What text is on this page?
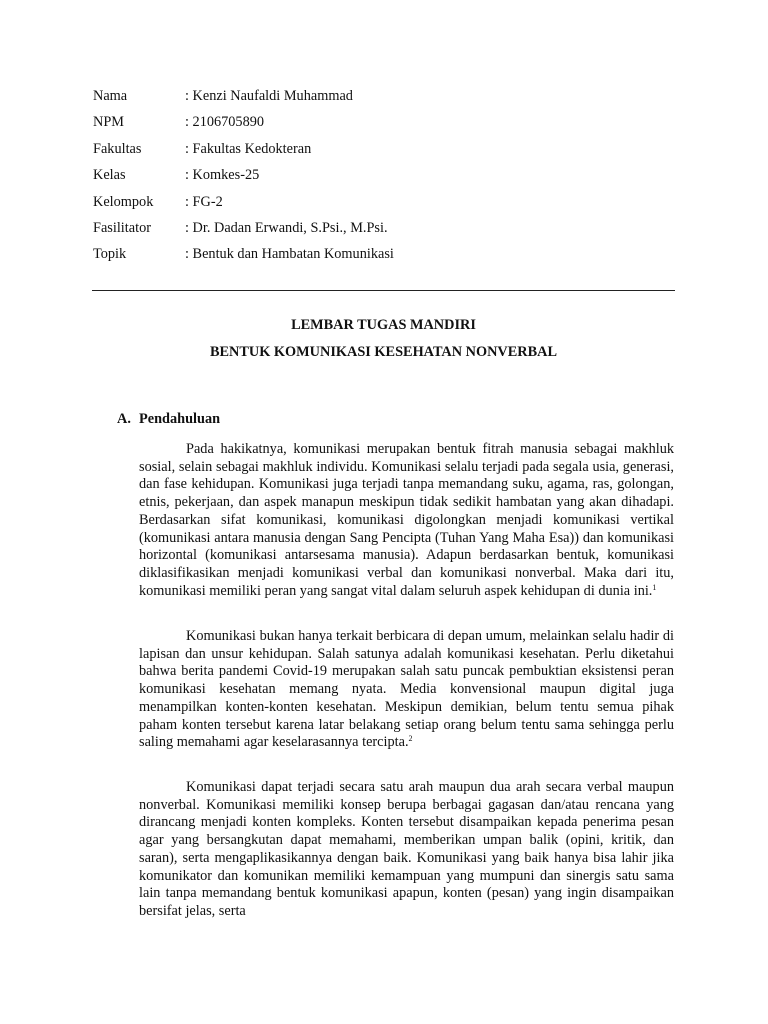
Nama	: Kenzi Naufaldi Muhammad
NPM	: 2106705890
Fakultas	: Fakultas Kedokteran
Kelas	: Komkes-25
Kelompok	: FG-2
Fasilitator	: Dr. Dadan Erwandi, S.Psi., M.Psi.
Topik	: Bentuk dan Hambatan Komunikasi
LEMBAR TUGAS MANDIRI
BENTUK KOMUNIKASI KESEHATAN NONVERBAL
A. Pendahuluan

Pada hakikatnya, komunikasi merupakan bentuk fitrah manusia sebagai makhluk sosial, selain sebagai makhluk individu. Komunikasi selalu terjadi pada segala usia, generasi, dan fase kehidupan. Komunikasi juga terjadi tanpa memandang suku, agama, ras, golongan, etnis, pekerjaan, dan aspek manapun meskipun tidak sedikit hambatan yang akan dihadapi. Berdasarkan sifat komunikasi, komunikasi digolongkan menjadi komunikasi vertikal (komunikasi antara manusia dengan Sang Pencipta (Tuhan Yang Maha Esa)) dan komunikasi horizontal (komunikasi antarsesama manusia). Adapun berdasarkan bentuk, komunikasi diklasifikasikan menjadi komunikasi verbal dan komunikasi nonverbal. Maka dari itu, komunikasi memiliki peran yang sangat vital dalam seluruh aspek kehidupan di dunia ini.$^1$

Komunikasi bukan hanya terkait berbicara di depan umum, melainkan selalu hadir di lapisan dan unsur kehidupan. Salah satunya adalah komunikasi kesehatan. Perlu diketahui bahwa berita pandemi Covid-19 merupakan salah satu puncak pembuktian eksistensi peran komunikasi kesehatan memang nyata. Media konvensional maupun digital juga menampilkan konten-konten kesehatan. Meskipun demikian, belum tentu semua pihak paham konten tersebut karena latar belakang setiap orang belum tentu sama sehingga perlu saling memahami agar keselarasannya tercipta.$^2$

Komunikasi dapat terjadi secara satu arah maupun dua arah secara verbal maupun nonverbal. Komunikasi memiliki konsep berupa berbagai gagasan dan/atau rencana yang dirancang menjadi konten kompleks. Konten tersebut disampaikan kepada penerima pesan agar yang bersangkutan dapat memahami, memberikan umpan balik (opini, kritik, dan saran), serta mengaplikasikannya dengan baik. Komunikasi yang baik hanya bisa lahir jika komunikator dan komunikan memiliki kemampuan yang mumpuni dan sinergis satu sama lain tanpa memandang bentuk komunikasi apapun, konten (pesan) yang ingin disampaikan bersifat jelas, serta
